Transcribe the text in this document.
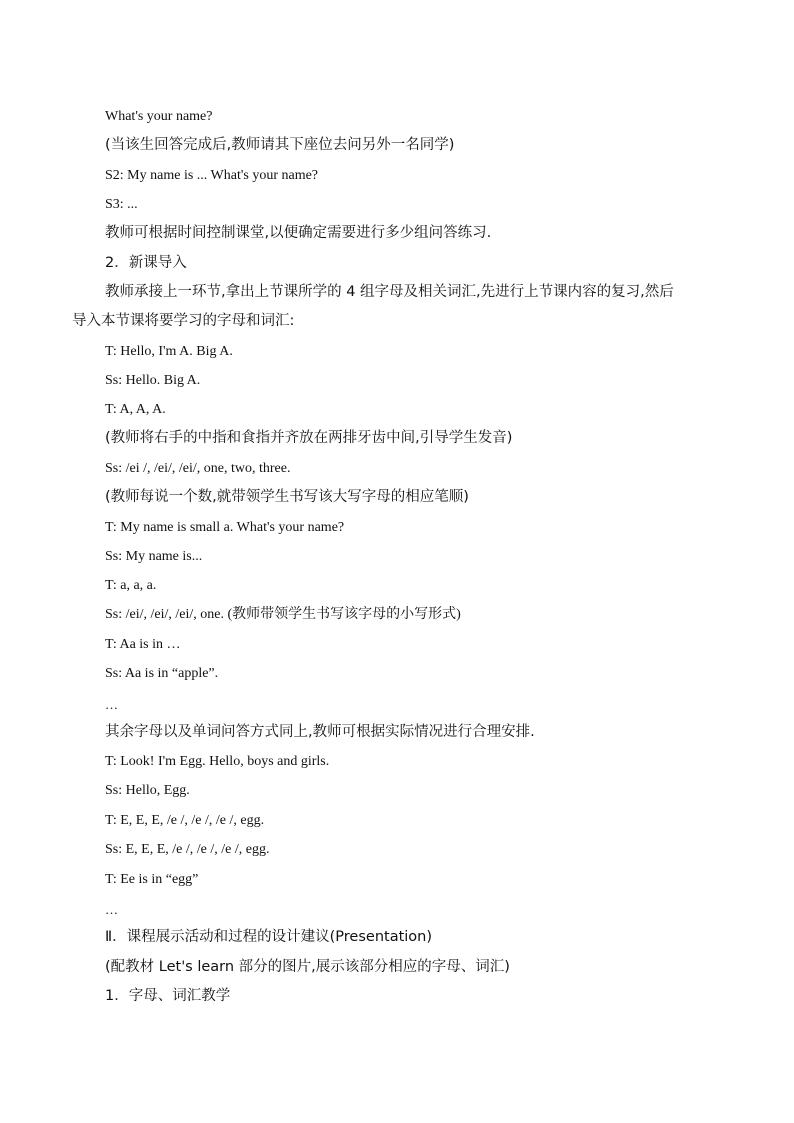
What's your name?
(当该生回答完成后,教师请其下座位去问另外一名同学)
S2: My name is ... What's your name?
S3: ...
教师可根据时间控制课堂,以便确定需要进行多少组问答练习.
2．新课导入
教师承接上一环节,拿出上节课所学的 4 组字母及相关词汇,先进行上节课内容的复习,然后
导入本节课将要学习的字母和词汇:
T: Hello, I'm A. Big A.
Ss: Hello. Big A.
T: A, A, A.
(教师将右手的中指和食指并齐放在两排牙齿中间,引导学生发音)
Ss: /ei /, /ei/, /ei/, one, two, three.
(教师每说一个数,就带领学生书写该大写字母的相应笔顺)
T: My name is small a. What's your name?
Ss: My name is...
T: a, a, a.
Ss: /ei/, /ei/, /ei/, one. (教师带领学生书写该字母的小写形式)
T: Aa is in …
Ss: Aa is in “apple”.
…
其余字母以及单词问答方式同上,教师可根据实际情况进行合理安排.
T: Look! I'm Egg. Hello, boys and girls.
Ss: Hello, Egg.
T: E, E, E, /e /, /e /, /e /, egg.
Ss: E, E, E, /e /, /e /, /e /, egg.
T: Ee is in “egg”
…
Ⅱ．课程展示活动和过程的设计建议(Presentation)
(配教材 Let's learn 部分的图片,展示该部分相应的字母、词汇)
1．字母、词汇教学
